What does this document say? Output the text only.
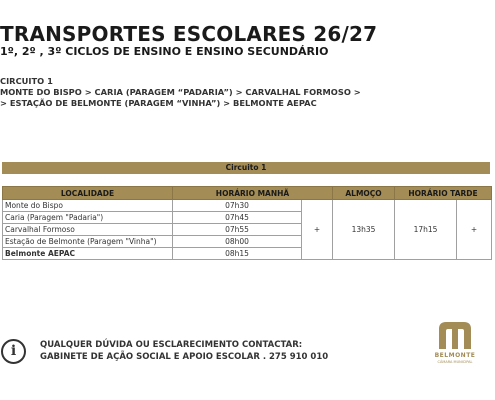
TRANSPORTES ESCOLARES 26/27
1º, 2º , 3º CICLOS DE ENSINO E ENSINO SECUNDÁRIO
CIRCUITO 1
MONTE DO BISPO > CARIA (PARAGEM “PADARIA”) > CARVALHAL FORMOSO >
> ESTAÇÃO DE BELMONTE (PARAGEM “VINHA”) > BELMONTE AEPAC
Circuito 1
LOCALIDADE	HORÁRIO MANHÃ		ALMOÇO	HORÁRIO TARDE	
Monte do Bispo	07h30	+	13h35	17h15	+
Caria (Paragem "Padaria")	07h45				
Carvalhal Formoso	07h55				
Estação de Belmonte (Paragem "Vinha")	08h00				
Belmonte AEPAC	08h15				
i	QUALQUER DÚVIDA OU ESCLARECIMENTO CONTACTAR:
GABINETE DE AÇÃO SOCIAL E APOIO ESCOLAR . 275 910 010	BELMONTE
CÂMARA MUNICIPAL
